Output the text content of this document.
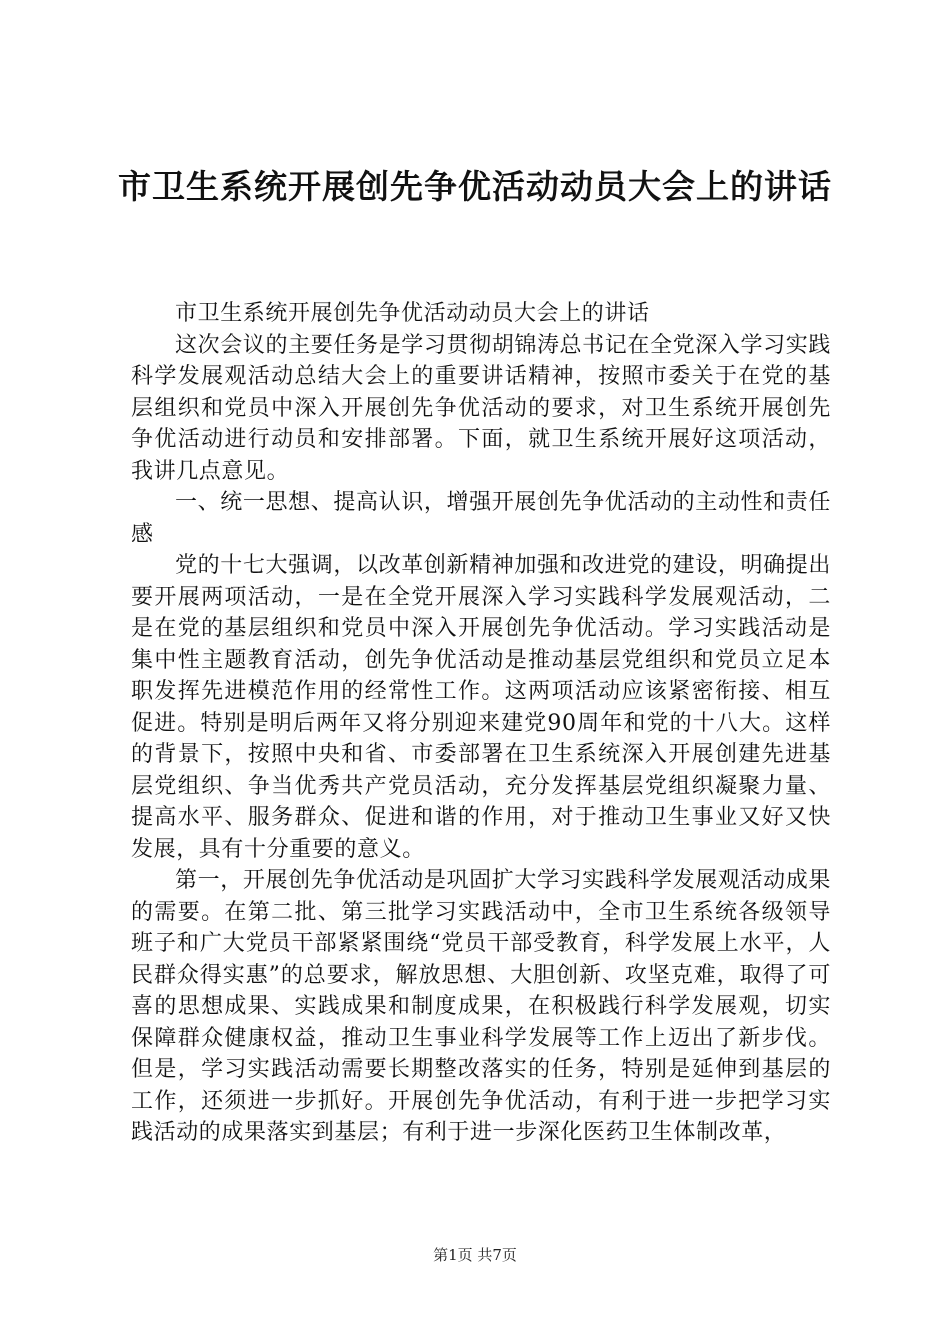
市卫生系统开展创先争优活动动员大会上的讲话

市卫生系统开展创先争优活动动员大会上的讲话

这次会议的主要任务是学习贯彻胡锦涛总书记在全党深入学习实践科学发展观活动总结大会上的重要讲话精神，按照市委关于在党的基层组织和党员中深入开展创先争优活动的要求，对卫生系统开展创先争优活动进行动员和安排部署。下面，就卫生系统开展好这项活动，我讲几点意见。

一、统一思想、提高认识，增强开展创先争优活动的主动性和责任感

党的十七大强调，以改革创新精神加强和改进党的建设，明确提出要开展两项活动，一是在全党开展深入学习实践科学发展观活动，二是在党的基层组织和党员中深入开展创先争优活动。学习实践活动是集中性主题教育活动，创先争优活动是推动基层党组织和党员立足本职发挥先进模范作用的经常性工作。这两项活动应该紧密衔接、相互促进。特别是明后两年又将分别迎来建党90周年和党的十八大。这样的背景下，按照中央和省、市委部署在卫生系统深入开展创建先进基层党组织、争当优秀共产党员活动，充分发挥基层党组织凝聚力量、提高水平、服务群众、促进和谐的作用，对于推动卫生事业又好又快发展，具有十分重要的意义。

第一，开展创先争优活动是巩固扩大学习实践科学发展观活动成果的需要。在第二批、第三批学习实践活动中，全市卫生系统各级领导班子和广大党员干部紧紧围绕“党员干部受教育，科学发展上水平，人民群众得实惠”的总要求，解放思想、大胆创新、攻坚克难，取得了可喜的思想成果、实践成果和制度成果，在积极践行科学发展观，切实保障群众健康权益，推动卫生事业科学发展等工作上迈出了新步伐。但是，学习实践活动需要长期整改落实的任务，特别是延伸到基层的工作，还须进一步抓好。开展创先争优活动，有利于进一步把学习实践活动的成果落实到基层；有利于进一步深化医药卫生体制改革，

第1页 共7页
